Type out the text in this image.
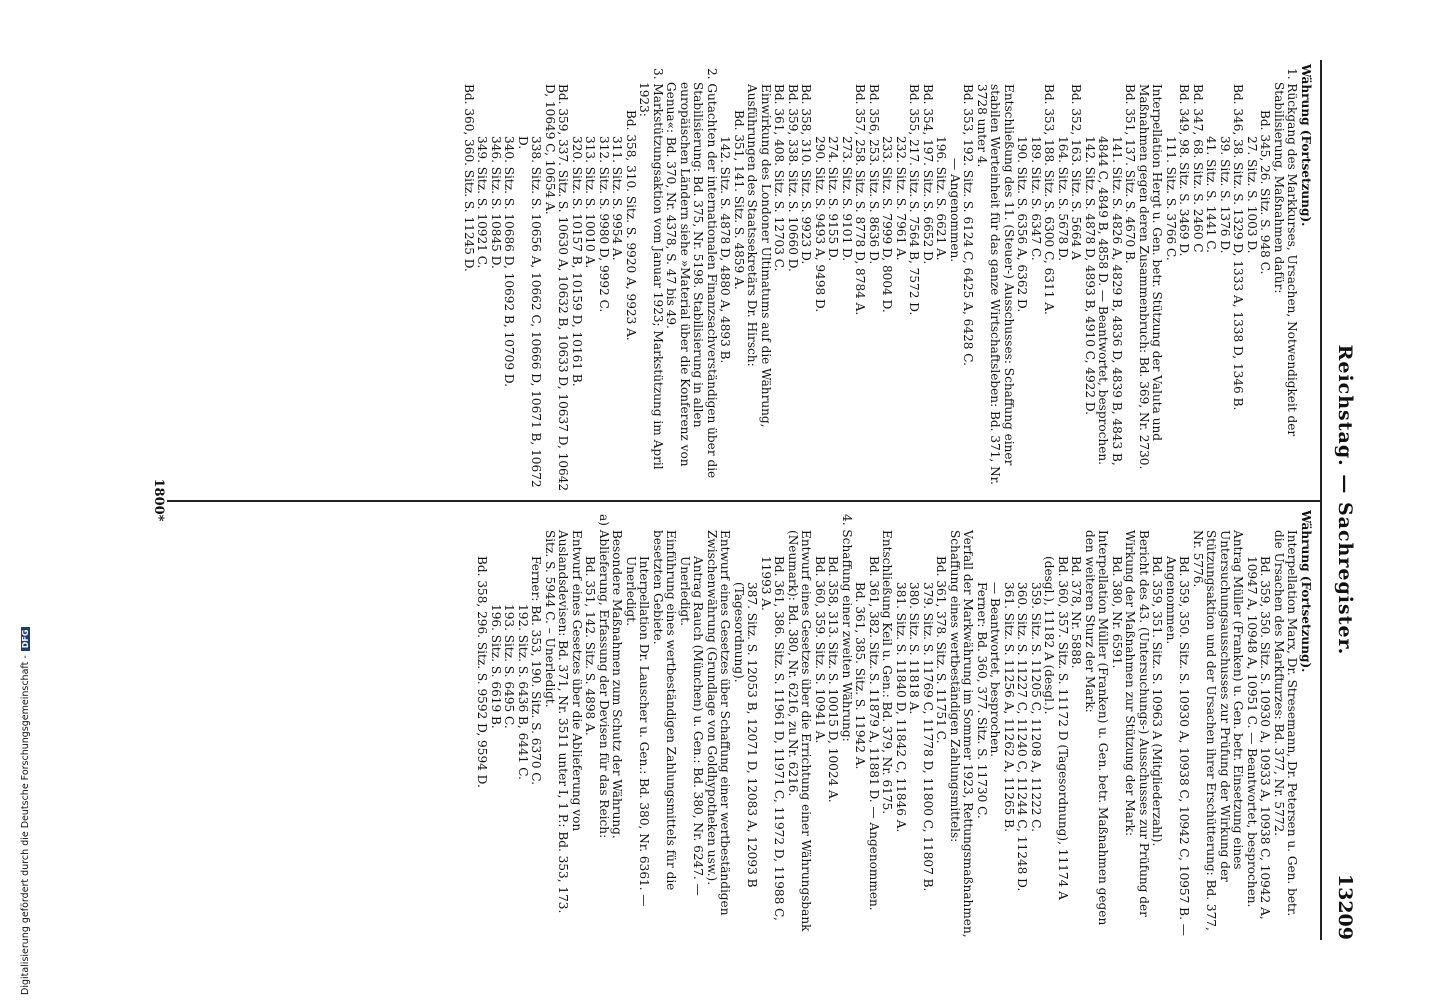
Reichstag. — Sachregister.
13209
Währung (Fortsetzung).
1. Rückgang des Markkurses, Ursachen, Notwendigkeit der Stabilisierung, Maßnahmen dafür:
Bd. 345, 26. Sitz. S. 948 C.
27. Sitz. S. 1003 D.
Bd. 346, 38. Sitz. S. 1329 D, 1333 A, 1338 D, 1346 B.
39. Sitz. S. 1376 D.
41. Sitz. S. 1441 C.
Bd. 347, 68. Sitz. S. 2460 C
Bd. 349, 98. Sitz. S. 3469 D.
111. Sitz. S. 3766 C.
Interpellation Hergt u. Gen. betr. Stützung der Valuta und Maßnahmen gegen deren Zusammenbruch: Bd. 369, Nr. 2730.
Bd. 351, 137. Sitz. S. 4670 B.
141. Sitz. S. 4826 A, 4829 B, 4836 D, 4839 B, 4843 B, 4844 C, 4849 B, 4858 D. — Beantwortet, besprochen.
142. Sitz. S. 4878 D, 4893 B, 4910 C, 4922 D.
Bd. 352, 163. Sitz. S. 5664 A
164. Sitz. S. 5678 D.
Bd. 353, 188. Sitz. S. 6300 C, 6311 A.
189. Sitz. S. 6347 C.
190. Sitz. S. 6356 A, 6362 D.
Entschließung des 11. (Steuer-) Ausschusses: Schaffung einer stabilen Werteinheit für das ganze Wirtschaftsleben: Bd. 371, Nr. 3728 unter 4.
Bd. 353, 192. Sitz. S. 6124 C, 6425 A, 6428 C.
— Angenommen.
196. Sitz. S. 6621 A.
Bd. 354, 197. Sitz. S. 6652 D.
Bd. 355, 217. Sitz. S. 7564 B, 7572 D.
232. Sitz. S. 7961 A.
233. Sitz. S. 7999 D, 8004 D.
Bd. 356, 253. Sitz. S. 8636 D.
Bd. 357, 258. Sitz. S. 8778 D, 8784 A.
273. Sitz. S. 9101 D.
274. Sitz. S. 9155 D.
290. Sitz. S. 9493 A, 9498 D.
Bd. 358, 310. Sitz. S. 9923 D.
Bd. 359, 338. Sitz. S. 10660 D.
Bd. 361, 408. Sitz. S. 12703 C.
Einwirkung des Londoner Ultimatums auf die Währung, Ausführungen des Staatssekretärs Dr. Hirsch:
Bd. 351, 141. Sitz. S. 4859 A.
142. Sitz. S. 4878 D, 4880 A, 4893 B.
2. Gutachten der internationalen Finanzsachverständigen über die Stabilisierung: Bd. 375, Nr. 5198. Stabilisierung in allen europäischen Ländern siehe »Material über die Konferenz von Genua«: Bd. 370, Nr. 4378, S. 47 bis 49.
3. Markstützungsaktion vom Januar 1923; Markstützung im April 1923:
Bd. 358, 310. Sitz. S. 9920 A, 9923 A.
311. Sitz. S. 9954 A.
312. Sitz. S. 9980 D, 9992 C.
313. Sitz. S. 10010 A.
320. Sitz. S. 10157 B, 10159 D, 10161 B.
Bd. 359, 337. Sitz. S. 10630 A, 10632 B, 10633 D, 10637 D, 10642 D, 10649 C, 10654 A.
338. Sitz. S. 10656 A, 10662 C, 10666 D, 10671 B, 10672 D.
340. Sitz. S. 10686 D, 10692 B, 10709 D.
346. Sitz. S. 10845 D.
349. Sitz. S. 10921 C.
Bd. 360, 360. Sitz. S. 11245 D.
Währung (Fortsetzung).
Interpellation Marx, Dr. Stresemann, Dr. Petersen u. Gen. betr. die Ursachen des Markfturzes: Bd. 377, Nr. 5772.
Bd. 359, 350. Sitz. S. 10930 A, 10933 A, 10938 C, 10942 A, 10947 A, 10948 A, 10951 C. — Beantwortet, besprochen.
Antrag Müller (Franken) u. Gen. betr. Einsetzung eines Untersuchungsausschusses zur Prüfung der Wirkung der Stützungsaktion und der Ursachen ihrer Erschütterung: Bd. 377, Nr. 5776.
Bd. 359, 350. Sitz. S. 10930 A, 10938 C, 10942 C, 10957 B. — Angenommen.
Bd. 359, 351. Sitz. S. 10963 A (Mitgliederzahl).
Bericht des 43. (Untersuchungs-) Ausschusses zur Prüfung der Wirkung der Maßnahmen zur Stützung der Mark:
Bd. 380, Nr. 6591.
Interpellation Müller (Franken) u. Gen. betr. Maßnahmen gegen den weiteren Sturz der Mark:
Bd. 378, Nr. 5888.
Bd. 360, 357. Sitz. S. 11172 D (Tagesordnung), 11174 A (desgl.), 11182 A (desgl.).
359. Sitz. S. 11205 C, 11208 A, 11222 C.
360. Sitz. S. 11227 C, 11240 C, 11244 C, 11248 D.
361. Sitz. S. 11256 A, 11262 A, 11265 B.
— Beantwortet, besprochen.
Ferner: Bd. 360, 377. Sitz. S. 11730 C.
Verfall der Markwährung im Sommer 1923, Rettungsmaßnahmen, Schaffung eines wertbeständigen Zahlungsmittels:
Bd. 361, 378. Sitz. S. 11751 C.
379. Sitz. S. 11769 C, 11778 D, 11800 C, 11807 B.
380. Sitz. S. 11818 A.
381. Sitz. S. 11840 D, 11842 C, 11846 A.
Entschließung Keil u. Gen.: Bd. 379, Nr. 6175.
Bd. 361, 382. Sitz. S. 11879 A, 11881 D. — Angenommen.
Bd. 361, 385. Sitz. S. 11942 A.
4. Schaffung einer zweiten Währung:
Bd. 358, 313. Sitz. S. 10015 D, 10024 A.
Bd. 360, 359. Sitz. S. 10941 A.
Entwurf eines Gesetzes über die Errichtung einer Währungsbank (Neumark): Bd. 380, Nr. 6216, zu Nr. 6216.
Bd. 361, 386. Sitz. S. 11961 D, 11971 C, 11972 D, 11988 C, 11993 A.
387. Sitz. S. 12053 B, 12071 D, 12083 A, 12093 B (Tagesordnung).
Entwurf eines Gesetzes über Schaffung einer wertbeständigen Zwischenwährung (Grundlage von Goldhypotheken usw.).
Antrag Rauch (München) u. Gen.: Bd. 380, Nr. 6247. — Unerledigt.
Einführung eines wertbeständigen Zahlungsmittels für die besetzten Gebiete.
Interpellation Dr. Lauscher u. Gen.: Bd. 380, Nr. 6361. — Unerledigt.
Besondere Maßnahmen zum Schutz der Währung.
a) Ablieferung, Erfassung der Devisen für das Reich:
Bd. 351, 142. Sitz. S. 4898 A.
Entwurf eines Gesetzes über die Ablieferung von Auslandsdevisen: Bd. 371, Nr. 3511 unter I, 1 P.: Bd. 353, 173. Sitz. S. 5944 C. – Unerledigt.
Ferner: Bd. 353, 190. Sitz. S. 6370 C.
192. Sitz. S. 6436 B, 6441 C.
193. Sitz. S. 6495 C.
196. Sitz. S. 6619 B.
Bd. 358, 296. Sitz. S. 9592 D, 9594 D.
1800*
Digitalisierung gefördert durch die Deutsche Forschungsgemeinschaft -DFG
